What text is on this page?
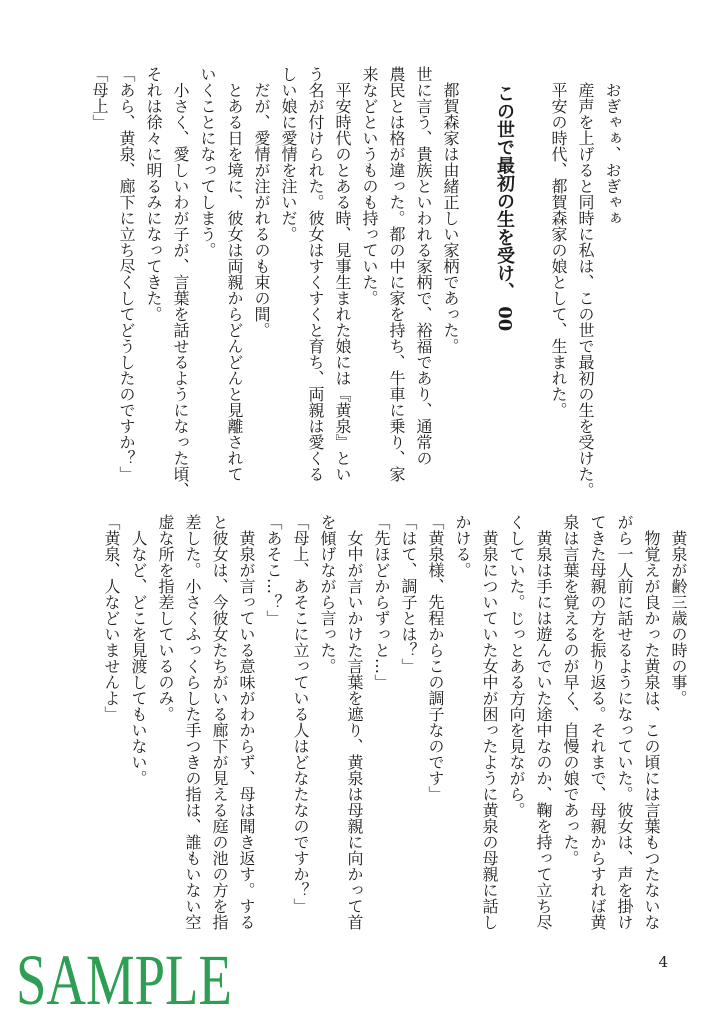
　おぎゃぁ、おぎゃぁ

　産声を上げると同時に私は、この世で最初の生を受けた。

　平安の時代、都賀森家の娘として、生まれた。

　この世で最初の生を受け、 00

　都賀森家は由緒正しい家柄であった。

世に言う、貴族といわれる家柄で、裕福であり、通常の

農民とは格が違った。都の中に家を持ち、牛車に乗り、家

来などというものも持っていた。

　平安時代のとある時、見事生まれた娘には『黄泉』とい

う名が付けられた。彼女はすくすくと育ち、両親は愛くる

しい娘に愛情を注いだ。

　だが、愛情が注がれるのも束の間。

　とある日を境に、彼女は両親からどんどんと見離されて

いくことになってしまう。

　小さく、愛しいわが子が、言葉を話せるようになった頃、

それは徐々に明るみになってきた。

「あら、黄泉、廊下に立ち尽くしてどうしたのですか？」

「母上」

　黄泉が齢三歳の時の事。

　物覚えが良かった黄泉は、この頃には言葉もつたないな

がら一人前に話せるようになっていた。彼女は、声を掛け

てきた母親の方を振り返る。それまで、母親からすれば黄

泉は言葉を覚えるのが早く、自慢の娘であった。

　黄泉は手には遊んでいた途中なのか、鞠を持って立ち尽

くしていた。じっとある方向を見ながら。

　黄泉についていた女中が困ったように黄泉の母親に話し

かける。

「黄泉様、先程からこの調子なのです」

「はて、調子とは？」

「先ほどからずっと…」

　女中が言いかけた言葉を遮り、黄泉は母親に向かって首

を傾げながら言った。

「母上、あそこに立っている人はどなたなのですか？」

「あそこ…？」

　黄泉が言っている意味がわからず、母は聞き返す。する

と彼女は、今彼女たちがいる廊下が見える庭の池の方を指

差した。小さくふっくらした手つきの指は、誰もいない空

虚な所を指差しているのみ。

　人など、どこを見渡してもいない。

「黄泉、人などいませんよ」

SAMPLE	4
